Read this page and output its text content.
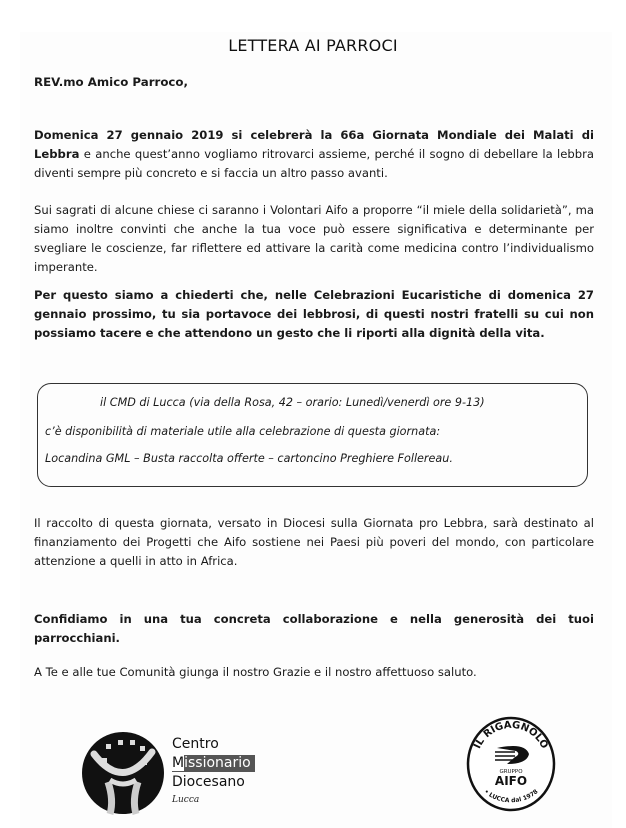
LETTERA AI PARROCI
REV.mo Amico Parroco,
Domenica 27 gennaio 2019 si celebrerà la 66a Giornata Mondiale dei Malati di Lebbra e anche quest’anno vogliamo ritrovarci assieme, perché il sogno di debellare la lebbra diventi sempre più concreto e si faccia un altro passo avanti.
Sui sagrati di alcune chiese ci saranno i Volontari Aifo a proporre “il miele della solidarietà”, ma siamo inoltre convinti che anche la tua voce può essere significativa e determinante per svegliare le coscienze, far riflettere ed attivare la carità come medicina contro l’individualismo imperante.
Per questo siamo a chiederti che, nelle Celebrazioni Eucaristiche di domenica 27 gennaio prossimo, tu sia portavoce dei lebbrosi, di questi nostri fratelli su cui non possiamo tacere e che attendono un gesto che li riporti alla dignità della vita.
il CMD di Lucca (via della Rosa, 42 – orario: Lunedì/venerdì ore 9-13)
c’è disponibilità di materiale utile alla celebrazione di questa giornata:
Locandina GML – Busta raccolta offerte – cartoncino Preghiere Follereau.
Il raccolto di questa giornata, versato in Diocesi sulla Giornata pro Lebbra, sarà destinato al finanziamento dei Progetti che Aifo sostiene nei Paesi più poveri del mondo, con particolare attenzione a quelli in atto in Africa.
Confidiamo in una tua concreta collaborazione e nella generosità dei tuoi parrocchiani.
A Te e alle tue Comunità giunga il nostro Grazie e il nostro affettuoso saluto.
Centro
Missionario
Diocesano
Lucca
IL RIGAGNOLO
GRUPPO
AIFO
• LUCCA dal 1978
